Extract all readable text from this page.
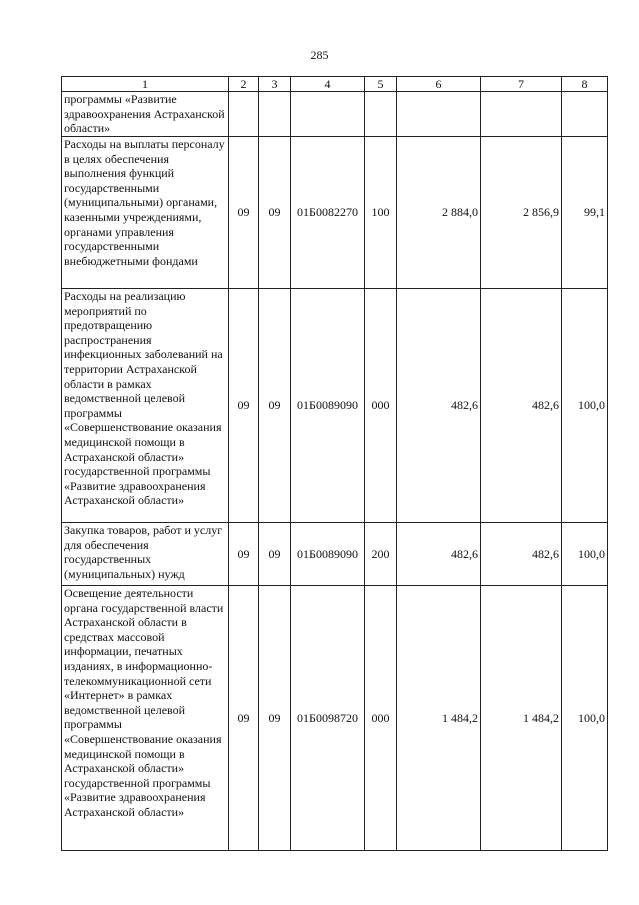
285
1	2	3	4	5	6	7	8
программы «Развитие здравоохранения Астраханской области»							
Расходы на выплаты персоналу в целях обеспечения выполнения функций государственными (муниципальными) органами, казенными учреждениями, органами управления государственными внебюджетными фондами	09	09	01Б0082270	100	2 884,0	2 856,9	99,1
Расходы на реализацию мероприятий по предотвращению распространения инфекционных заболеваний на территории Астраханской области в рамках ведомственной целевой программы «Совершенствование оказания медицинской помощи в Астраханской области» государственной программы «Развитие здравоохранения Астраханской области»	09	09	01Б0089090	000	482,6	482,6	100,0
Закупка товаров, работ и услуг для обеспечения государственных (муниципальных) нужд	09	09	01Б0089090	200	482,6	482,6	100,0
Освещение деятельности органа государственной власти Астраханской области в средствах массовой информации, печатных изданиях, в информационно-телекоммуникационной сети «Интернет» в рамках ведомственной целевой программы «Совершенствование оказания медицинской помощи в Астраханской области» государственной программы «Развитие здравоохранения Астраханской области»	09	09	01Б0098720	000	1 484,2	1 484,2	100,0
